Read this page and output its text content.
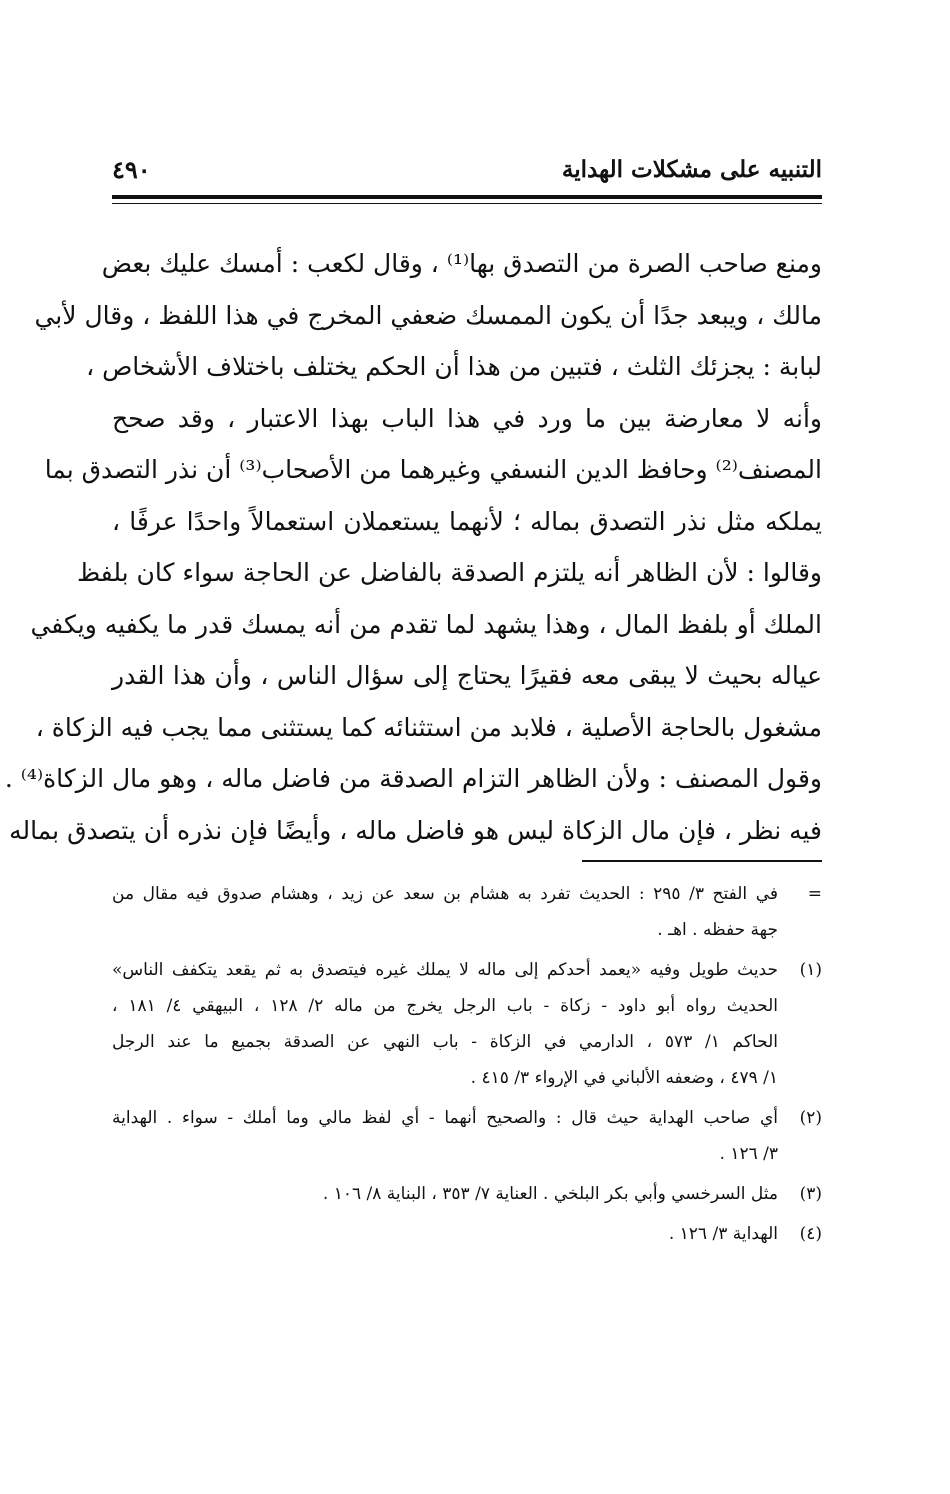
التنبيه على مشكلات الهداية
٤٩٠
ومنع صاحب الصرة من التصدق بها⁽¹⁾ ، وقال لكعب : أمسك عليك بعض
مالك ، ويبعد جدًا أن يكون الممسك ضعفي المخرج في هذا اللفظ ، وقال لأبي
لبابة : يجزئك الثلث ، فتبين من هذا أن الحكم يختلف باختلاف الأشخاص ،
وأنه لا معارضة بين ما ورد في هذا الباب بهذا الاعتبار ، وقد صحح
المصنف⁽²⁾ وحافظ الدين النسفي وغيرهما من الأصحاب⁽³⁾ أن نذر التصدق بما
يملكه مثل نذر التصدق بماله ؛ لأنهما يستعملان استعمالاً واحدًا عرفًا ،
وقالوا : لأن الظاهر أنه يلتزم الصدقة بالفاضل عن الحاجة سواء كان بلفظ
الملك أو بلفظ المال ، وهذا يشهد لما تقدم من أنه يمسك قدر ما يكفيه ويكفي
عياله بحيث لا يبقى معه فقيرًا يحتاج إلى سؤال الناس ، وأن هذا القدر
مشغول بالحاجة الأصلية ، فلابد من استثنائه كما يستثنى مما يجب فيه الزكاة ،
وقول المصنف : ولأن الظاهر التزام الصدقة من فاضل ماله ، وهو مال الزكاة⁽⁴⁾ .
فيه نظر ، فإن مال الزكاة ليس هو فاضل ماله ، وأيضًا فإن نذره أن يتصدق بماله
=
في الفتح ٣/ ٢٩٥ : الحديث تفرد به هشام بن سعد عن زيد ، وهشام صدوق فيه مقال من
جهة حفظه . اهـ .
(١)
حديث طويل وفيه «يعمد أحدكم إلى ماله لا يملك غيره فيتصدق به ثم يقعد يتكفف الناس»
الحديث رواه أبو داود - زكاة - باب الرجل يخرج من ماله ٢/ ١٢٨ ، البيهقي ٤/ ١٨١ ،
الحاكم ١/ ٥٧٣ ، الدارمي في الزكاة - باب النهي عن الصدقة بجميع ما عند الرجل
١/ ٤٧٩ ، وضعفه الألباني في الإرواء ٣/ ٤١٥ .
(٢)
أي صاحب الهداية حيث قال : والصحيح أنهما - أي لفظ مالي وما أملك - سواء . الهداية
٣/ ١٢٦ .
(٣)
مثل السرخسي وأبي بكر البلخي . العناية ٧/ ٣٥٣ ، البناية ٨/ ١٠٦ .
(٤)
الهداية ٣/ ١٢٦ .
